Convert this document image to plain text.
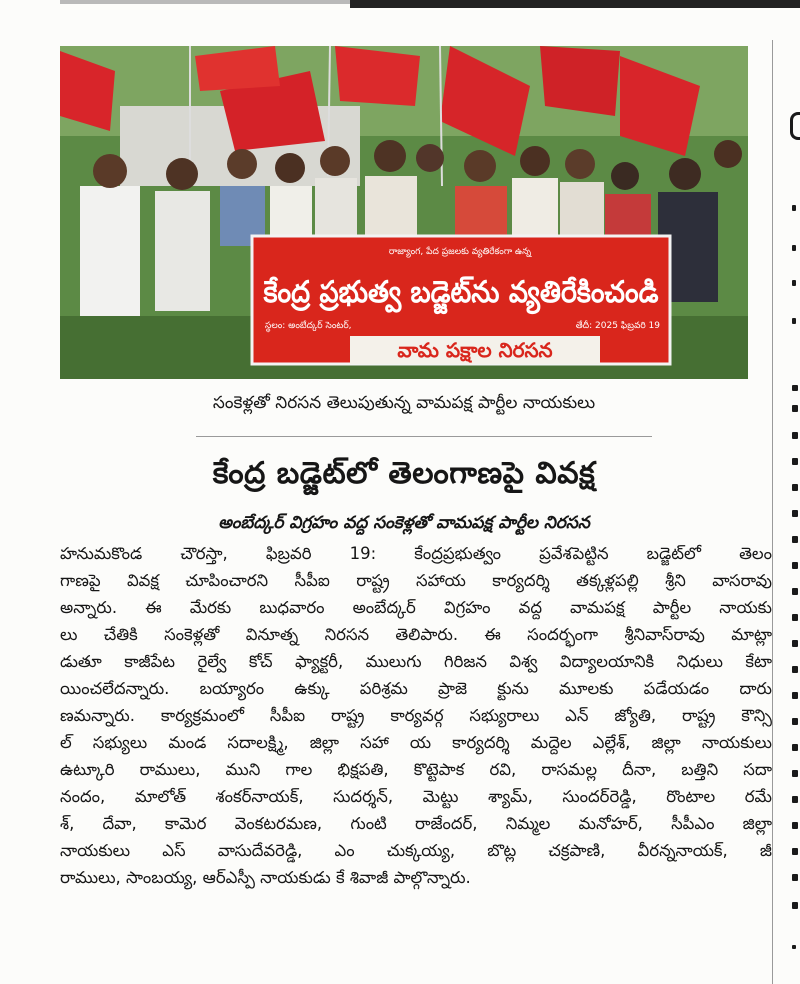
రాజ్యాంగ, పేద ప్రజలకు వ్యతిరేకంగా ఉన్న
కేంద్ర ప్రభుత్వ బడ్జెట్‌ను వ్యతిరేకించండి
స్థలం: అంబేద్కర్ సెంటర్,	తేదీ: 2025 ఫిబ్రవరి 19
వామ పక్షాల నిరసన
సంకెళ్లతో నిరసన తెలుపుతున్న వామపక్ష పార్టీల నాయకులు
కేంద్ర బడ్జెట్‌లో తెలంగాణపై వివక్ష
అంబేద్కర్ విగ్రహం వద్ద సంకెళ్లతో వామపక్ష పార్టీల నిరసన
హనుమకొండ చౌరస్తా, ఫిబ్రవరి 19: కేంద్రప్రభుత్వం ప్రవేశపెట్టిన బడ్జెట్‌లో తెలం
గాణపై వివక్ష చూపించారని సీపీఐ రాష్ట్ర సహాయ కార్యదర్శి తక్కళ్లపల్లి శ్రీని వాసరావు
అన్నారు. ఈ మేరకు బుధవారం అంబేద్కర్ విగ్రహం వద్ద వామపక్ష పార్టీల నాయకు
లు చేతికి సంకెళ్లతో వినూత్న నిరసన తెలిపారు. ఈ సందర్భంగా శ్రీనివాస్‌రావు మాట్లా
డుతూ కాజీపేట రైల్వే కోచ్ ఫ్యాక్టరీ, ములుగు గిరిజన విశ్వ విద్యాలయానికి నిధులు కేటా
యించలేదన్నారు. బయ్యారం ఉక్కు పరిశ్రమ ప్రాజె క్టును మూలకు పడేయడం దారు
ణమన్నారు. కార్యక్రమంలో సీపీఐ రాష్ట్ర కార్యవర్గ సభ్యురాలు ఎన్ జ్యోతి, రాష్ట్ర కౌన్సి
ల్ సభ్యులు మండ సదాలక్ష్మి, జిల్లా సహా య కార్యదర్శి మద్దెల ఎల్లేశ్, జిల్లా నాయకులు
ఉట్కూరి రాములు, ముని గాల భిక్షపతి, కొట్టెపాక రవి, రాసమల్ల దీనా, బత్తిని సదా
నందం, మాలోత్ శంకర్‌నాయక్, సుదర్శన్, మెట్టు శ్యామ్, సుందర్‌రెడ్డి, రొంటాల రమే
శ్, దేవా, కామెర వెంకటరమణ, గుంటి రాజేందర్, నిమ్మల మనోహర్, సీపీఎం జిల్లా
నాయకులు ఎస్ వాసుదేవరెడ్డి, ఎం చుక్కయ్య, బొట్ల చక్రపాణి, వీరన్ననాయక్, జీ
రాములు, సాంబయ్య, ఆర్ఎస్పీ నాయకుడు కే శివాజీ పాల్గొన్నారు.
